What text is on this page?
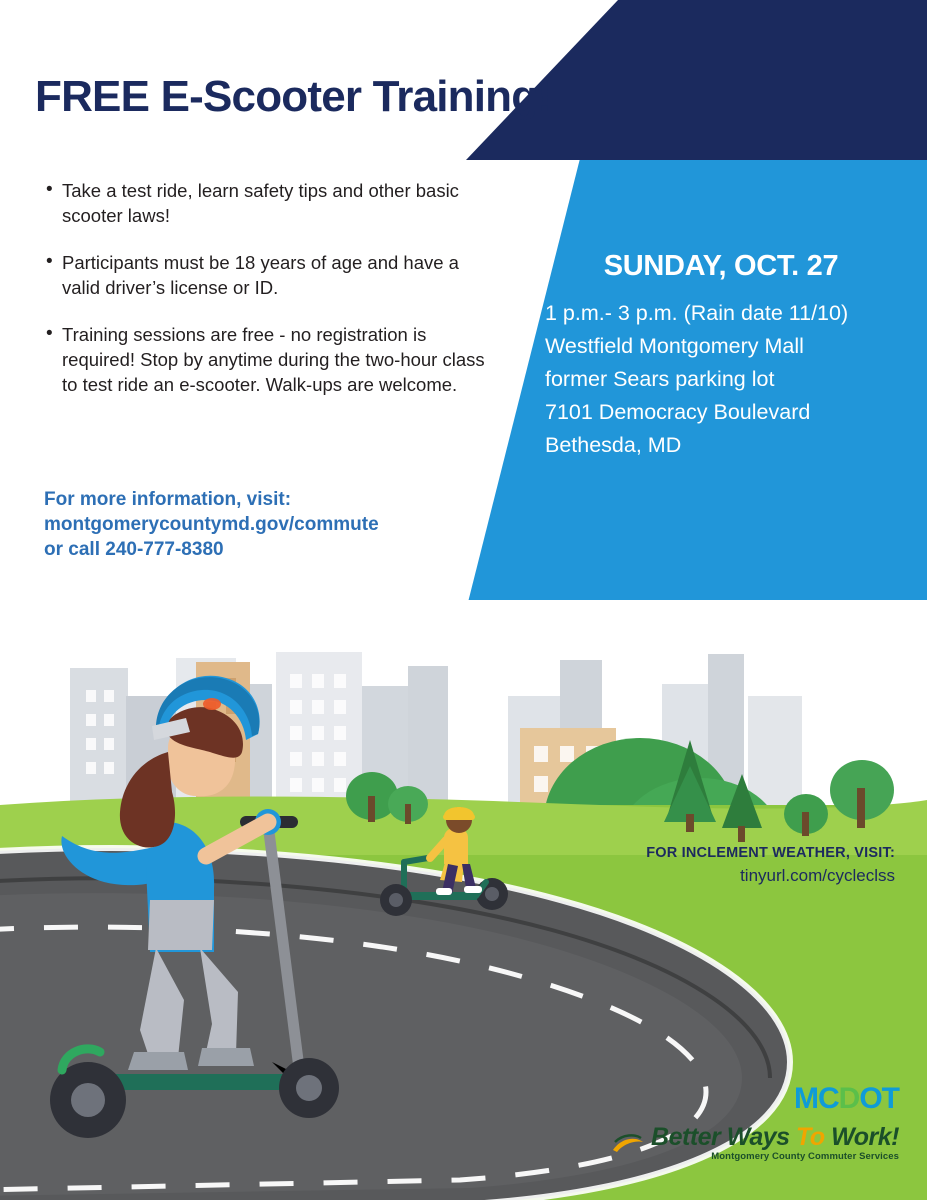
FREE E-Scooter Training!
• Take a test ride, learn safety tips and other basic scooter laws!
• Participants must be 18 years of age and have a valid driver’s license or ID.
• Training sessions are free - no registration is required! Stop by anytime during the two-hour class to test ride an e-scooter. Walk-ups are welcome.
For more information, visit:
montgomerycountymd.gov/commute
or call 240-777-8380
SUNDAY, OCT. 27
1 p.m.- 3 p.m. (Rain date 11/10)
Westfield Montgomery Mall
former Sears parking lot
7101 Democracy Boulevard
Bethesda, MD
FOR INCLEMENT WEATHER, VISIT:
tinyurl.com/cycleclss
MCDOT
Better Ways To Work!
Montgomery County Commuter Services
